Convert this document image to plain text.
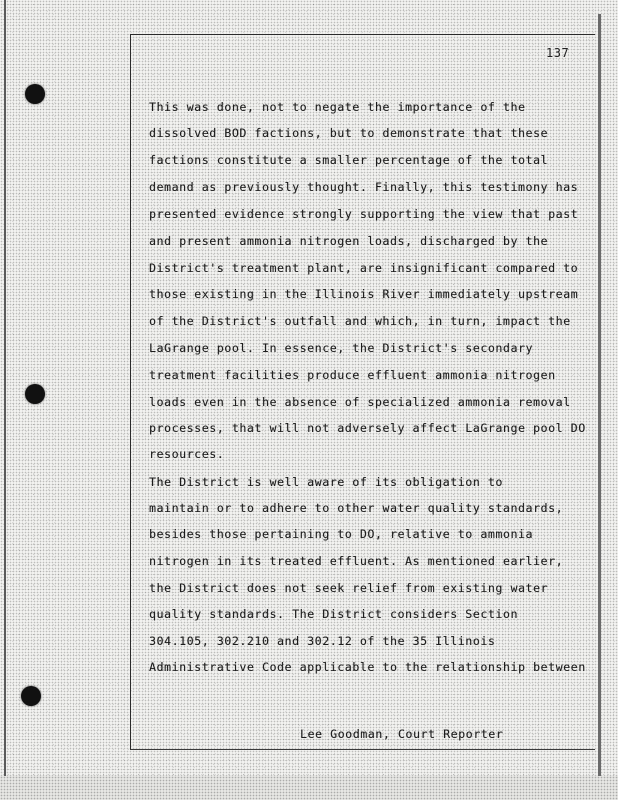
137
This was done, not to negate the importance of the
dissolved BOD factions, but to demonstrate that these
factions constitute a smaller percentage of the total
demand as previously thought. Finally, this testimony has
presented evidence strongly supporting the view that past
and present ammonia nitrogen loads, discharged by the
District's treatment plant, are insignificant compared to
those existing in the Illinois River immediately upstream
of the District's outfall and which, in turn, impact the
LaGrange pool. In essence, the District's secondary
treatment facilities produce effluent ammonia nitrogen
loads even in the absence of specialized ammonia removal
processes, that will not adversely affect LaGrange pool DO
resources.
The District is well aware of its obligation to
maintain or to adhere to other water quality standards,
besides those pertaining to DO, relative to ammonia
nitrogen in its treated effluent. As mentioned earlier,
the District does not seek relief from existing water
quality standards. The District considers Section
304.105, 302.210 and 302.12 of the 35 Illinois
Administrative Code applicable to the relationship between
Lee Goodman, Court Reporter
